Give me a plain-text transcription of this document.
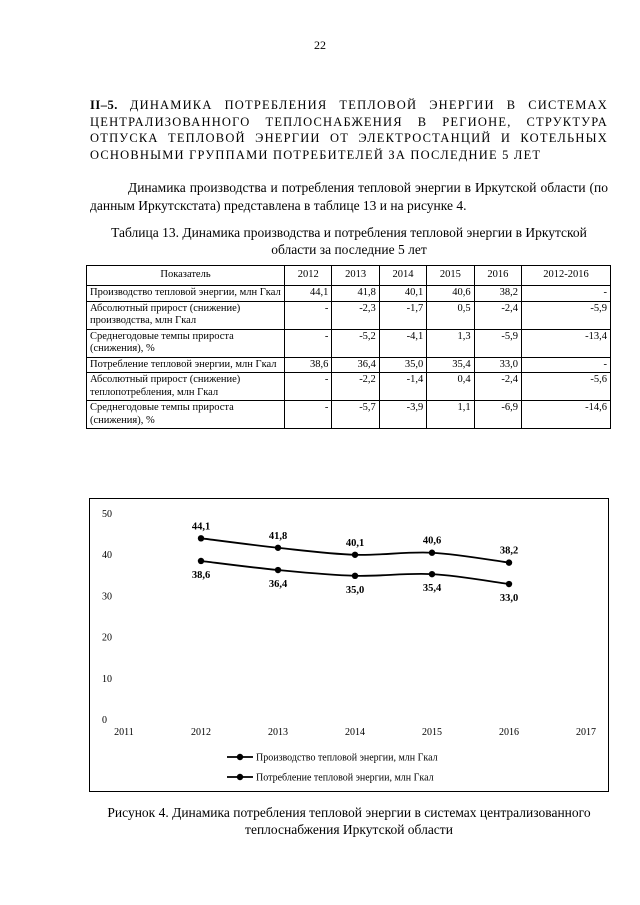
22
II–5. ДИНАМИКА ПОТРЕБЛЕНИЯ ТЕПЛОВОЙ ЭНЕРГИИ В СИСТЕМАХ ЦЕНТРАЛИЗОВАННОГО ТЕПЛОСНАБЖЕНИЯ В РЕГИОНЕ, СТРУКТУРА ОТПУСКА ТЕПЛОВОЙ ЭНЕРГИИ ОТ ЭЛЕКТРОСТАНЦИЙ И КОТЕЛЬНЫХ ОСНОВНЫМИ ГРУППАМИ ПОТРЕБИТЕЛЕЙ ЗА ПОСЛЕДНИЕ 5 ЛЕТ
Динамика производства и потребления тепловой энергии в Иркутской области (по данным Иркутскстата) представлена в таблице 13 и на рисунке 4.
Таблица 13. Динамика производства и потребления тепловой энергии в Иркутской области за последние 5 лет
Показатель	2012	2013	2014	2015	2016	2012-2016
Производство тепловой энергии, млн Гкал	44,1	41,8	40,1	40,6	38,2	-
Абсолютный прирост (снижение) производства, млн Гкал	-	-2,3	-1,7	0,5	-2,4	-5,9
Среднегодовые темпы прироста (снижения), %	-	-5,2	-4,1	1,3	-5,9	-13,4
Потребление тепловой энергии, млн Гкал	38,6	36,4	35,0	35,4	33,0	-
Абсолютный прирост (снижение) теплопотребления, млн Гкал	-	-2,2	-1,4	0,4	-2,4	-5,6
Среднегодовые темпы прироста (снижения), %	-	-5,7	-3,9	1,1	-6,9	-14,6
0
10
20
30
40
50
2011	2012	2013	2014	2015	2016	2017
44,1
41,8
40,1	40,6
38,2
Производство тепловой энергии, млн Гкал
38,6
36,4
35,0	35,4
33,0
Потребление тепловой энергии, млн Гкал
Рисунок 4. Динамика потребления тепловой энергии в системах централизованного теплоснабжения Иркутской области
